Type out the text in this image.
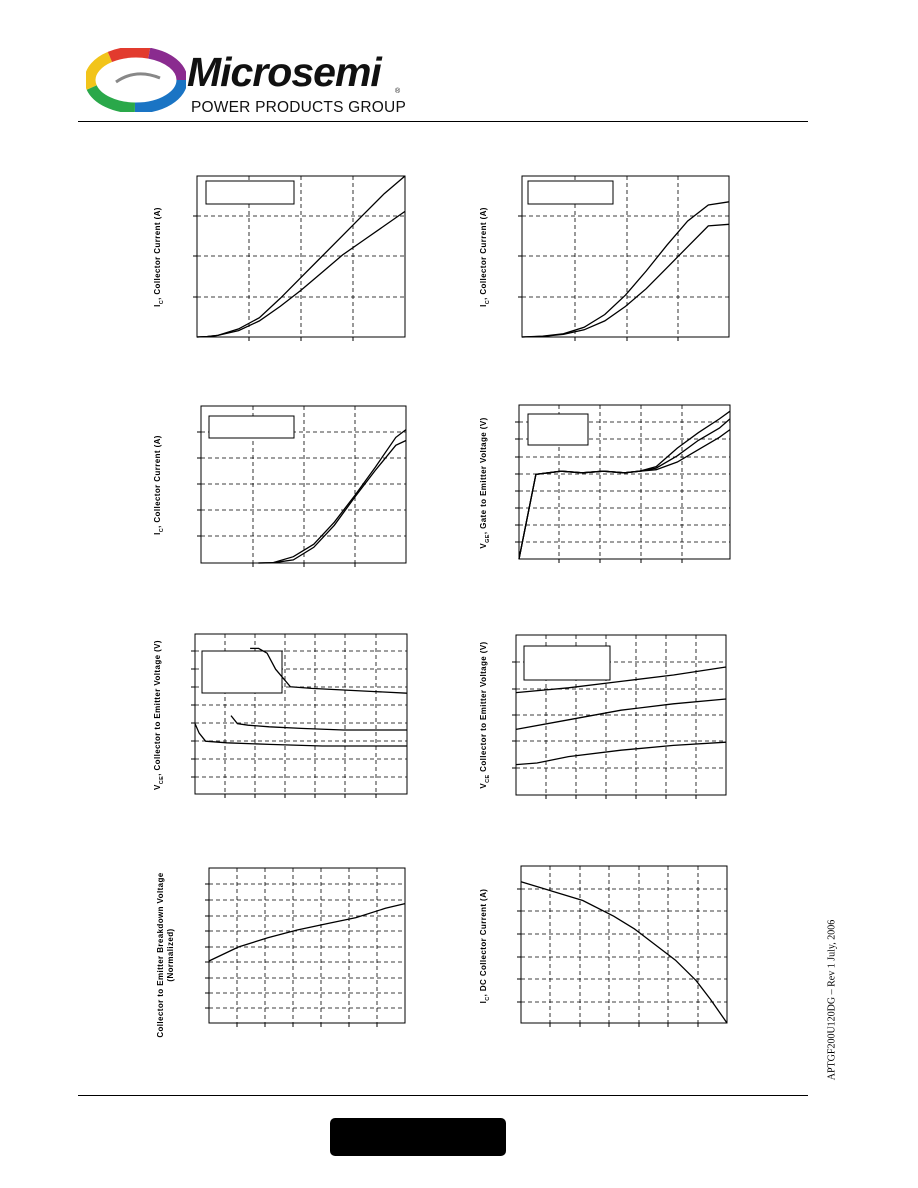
Microsemi ®
POWER PRODUCTS GROUP
$I_C$, Collector Current (A)
$I_C$, Collector Current (A)
$I_C$, Collector Current (A)
$V_{GE}$, Gate to Emitter Voltage (V)
$V_{CE}$, Collector to Emitter Voltage (V)
$V_{CE}$ Collector to Emitter Voltage (V)
Collector to Emitter Breakdown Voltage
(Normalized)
$I_C$, DC Collector Current (A)	APTGF200U120DG – Rev 1 July, 2006
